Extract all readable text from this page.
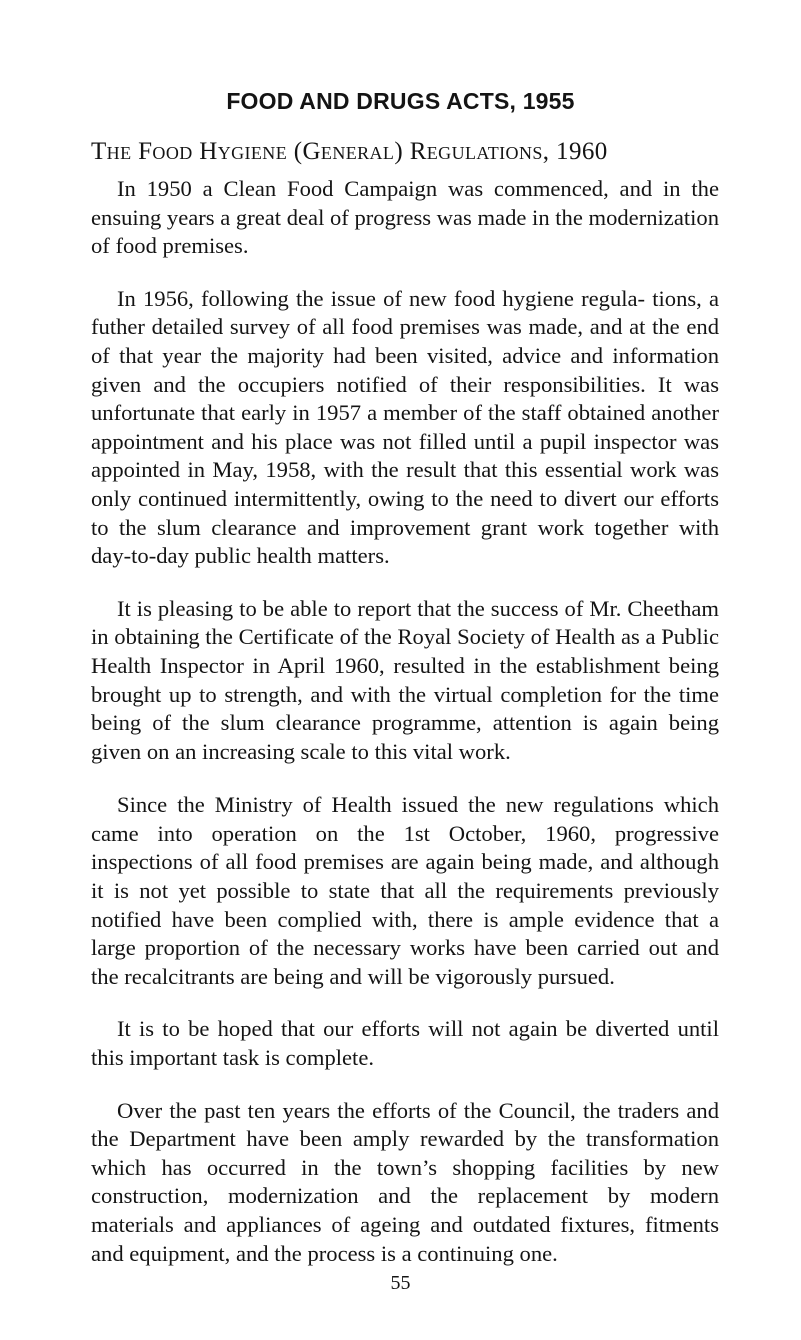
FOOD AND DRUGS ACTS, 1955
The Food Hygiene (General) Regulations, 1960

In 1950 a Clean Food Campaign was commenced, and in the ensuing years a great deal of progress was made in the modernization of food premises.

In 1956, following the issue of new food hygiene regula- tions, a futher detailed survey of all food premises was made, and at the end of that year the majority had been visited, advice and information given and the occupiers notified of their responsibilities. It was unfortunate that early in 1957 a member of the staff obtained another appointment and his place was not filled until a pupil inspector was appointed in May, 1958, with the result that this essential work was only continued intermittently, owing to the need to divert our efforts to the slum clearance and improvement grant work together with day-to-day public health matters.

It is pleasing to be able to report that the success of Mr. Cheetham in obtaining the Certificate of the Royal Society of Health as a Public Health Inspector in April 1960, resulted in the establishment being brought up to strength, and with the virtual completion for the time being of the slum clearance programme, attention is again being given on an increasing scale to this vital work.

Since the Ministry of Health issued the new regulations which came into operation on the 1st October, 1960, progressive inspections of all food premises are again being made, and although it is not yet possible to state that all the requirements previously notified have been complied with, there is ample evidence that a large proportion of the necessary works have been carried out and the recalcitrants are being and will be vigorously pursued.

It is to be hoped that our efforts will not again be diverted until this important task is complete.

Over the past ten years the efforts of the Council, the traders and the Department have been amply rewarded by the transformation which has occurred in the town’s shopping facilities by new construction, modernization and the replacement by modern materials and appliances of ageing and outdated fixtures, fitments and equipment, and the process is a continuing one.

55
